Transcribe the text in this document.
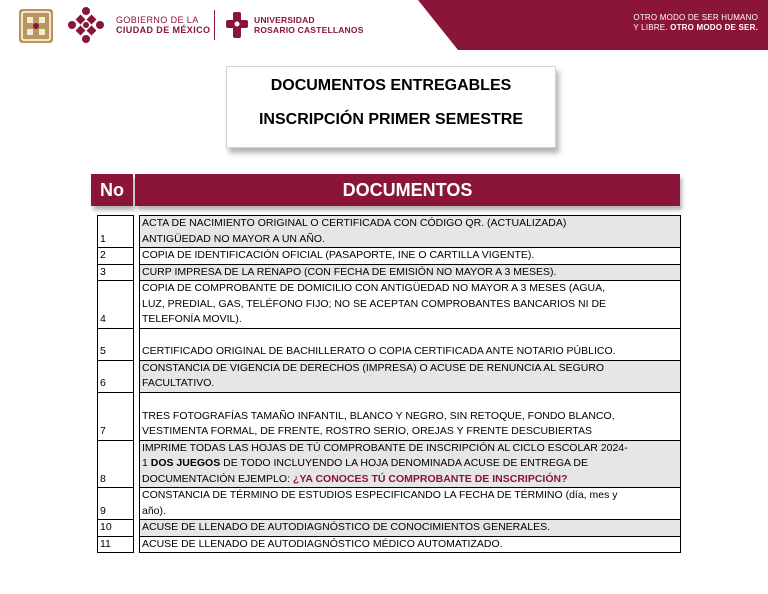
GOBIERNO DE LA
CIUDAD DE MÉXICO
UNIVERSIDAD
ROSARIO CASTELLANOS
OTRO MODO DE SER HUMANO
Y LIBRE. OTRO MODO DE SER.
DOCUMENTOS ENTREGABLES
INSCRIPCIÓN PRIMER SEMESTRE
No	DOCUMENTOS
1		ACTA DE NACIMIENTO ORIGINAL O CERTIFICADA CON CÓDIGO QR. (ACTUALIZADA)
ANTIGÜEDAD NO MAYOR A UN AÑO.

2		COPIA DE IDENTIFICACIÓN OFICIAL (PASAPORTE, INE O CARTILLA VIGENTE).

3		CURP IMPRESA DE LA RENAPO (CON FECHA DE EMISIÓN NO MAYOR A 3 MESES).

4		COPIA DE COMPROBANTE DE DOMICILIO CON ANTIGÜEDAD NO MAYOR A 3 MESES (AGUA,
LUZ, PREDIAL, GAS, TELÉFONO FIJO; NO SE ACEPTAN COMPROBANTES BANCARIOS NI DE
TELEFONÍA MOVIL).

5		CERTIFICADO ORIGINAL DE BACHILLERATO O COPIA CERTIFICADA ANTE NOTARIO PÚBLICO.

6		CONSTANCIA DE VIGENCIA DE DERECHOS (IMPRESA) O ACUSE DE RENUNCIA AL SEGURO
FACULTATIVO.

7		TRES FOTOGRAFÍAS TAMAÑO INFANTIL, BLANCO Y NEGRO, SIN RETOQUE, FONDO BLANCO,
VESTIMENTA FORMAL, DE FRENTE, ROSTRO SERIO, OREJAS Y FRENTE DESCUBIERTAS

8		IMPRIME TODAS LAS HOJAS DE TÚ COMPROBANTE DE INSCRIPCIÓN AL CICLO ESCOLAR 2024-
1 DOS JUEGOS DE TODO INCLUYENDO LA HOJA DENOMINADA ACUSE DE ENTREGA DE
DOCUMENTACIÓN EJEMPLO: ¿YA CONOCES TÚ COMPROBANTE DE INSCRIPCIÓN?

9		CONSTANCIA DE TÉRMINO DE ESTUDIOS ESPECIFICANDO LA FECHA DE TÉRMINO (día, mes y
año).

10		ACUSE DE LLENADO DE AUTODIAGNÓSTICO DE CONOCIMIENTOS GENERALES.

11		ACUSE DE LLENADO DE AUTODIAGNÓSTICO MÉDICO AUTOMATIZADO.
